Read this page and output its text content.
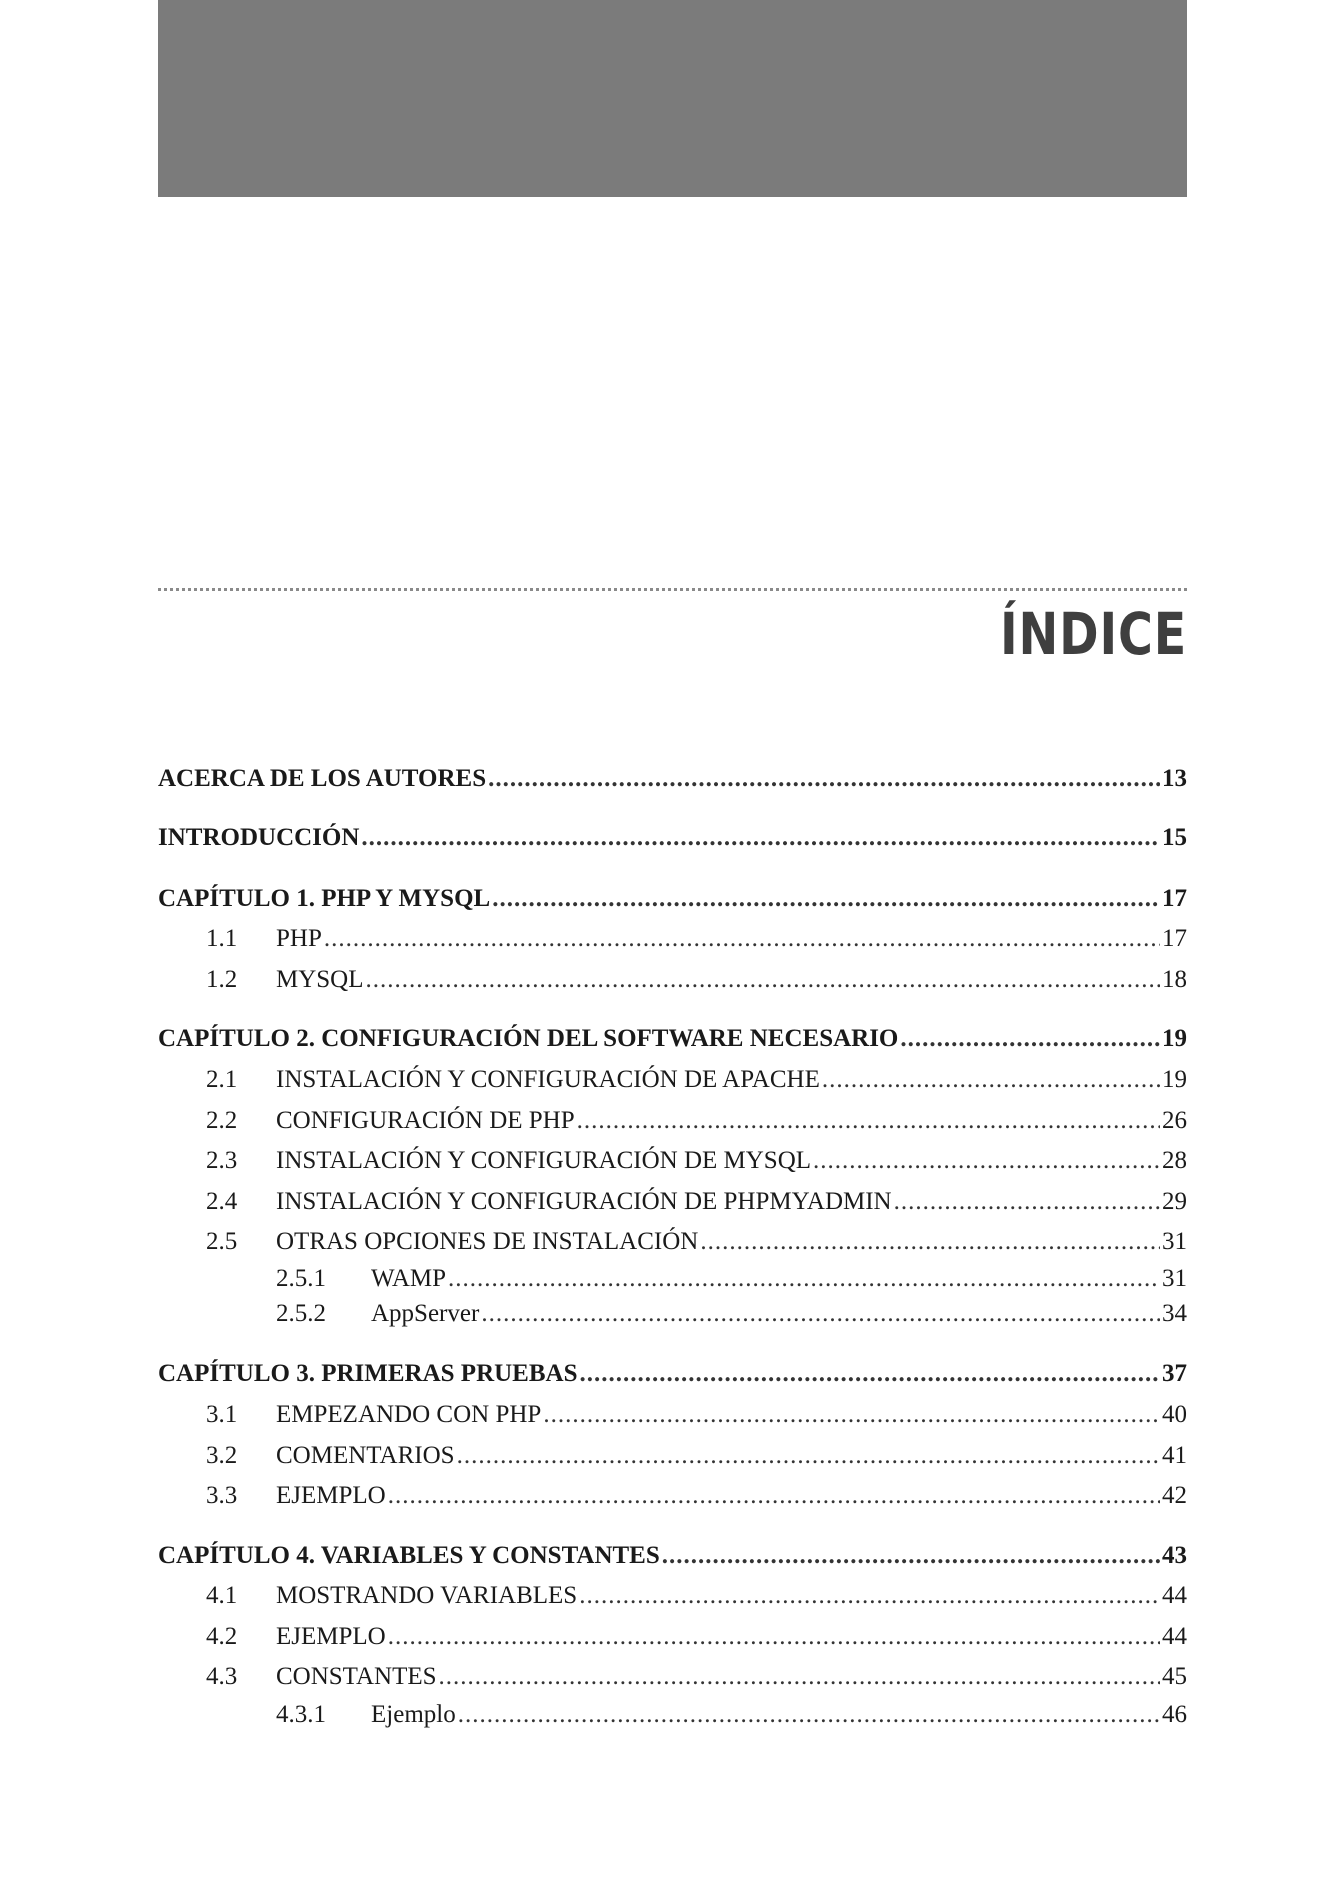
ÍNDICE
ACERCA DE LOS AUTORES .....	13
INTRODUCCIÓN .....	15
CAPÍTULO 1. PHP Y MYSQL .....	17
1.1	PHP .....	17
1.2	MYSQL .....	18
CAPÍTULO 2. CONFIGURACIÓN DEL SOFTWARE NECESARIO .....	19
2.1	INSTALACIÓN Y CONFIGURACIÓN DE APACHE .....	19
2.2	CONFIGURACIÓN DE PHP .....	26
2.3	INSTALACIÓN Y CONFIGURACIÓN DE MYSQL .....	28
2.4	INSTALACIÓN Y CONFIGURACIÓN DE PHPMYADMIN .....	29
2.5	OTRAS OPCIONES DE INSTALACIÓN .....	31
2.5.1	WAMP .....	31
2.5.2	AppServer .....	34
CAPÍTULO 3. PRIMERAS PRUEBAS .....	37
3.1	EMPEZANDO CON PHP .....	40
3.2	COMENTARIOS .....	41
3.3	EJEMPLO .....	42
CAPÍTULO 4. VARIABLES Y CONSTANTES .....	43
4.1	MOSTRANDO VARIABLES .....	44
4.2	EJEMPLO .....	44
4.3	CONSTANTES .....	45
4.3.1	Ejemplo .....	46
